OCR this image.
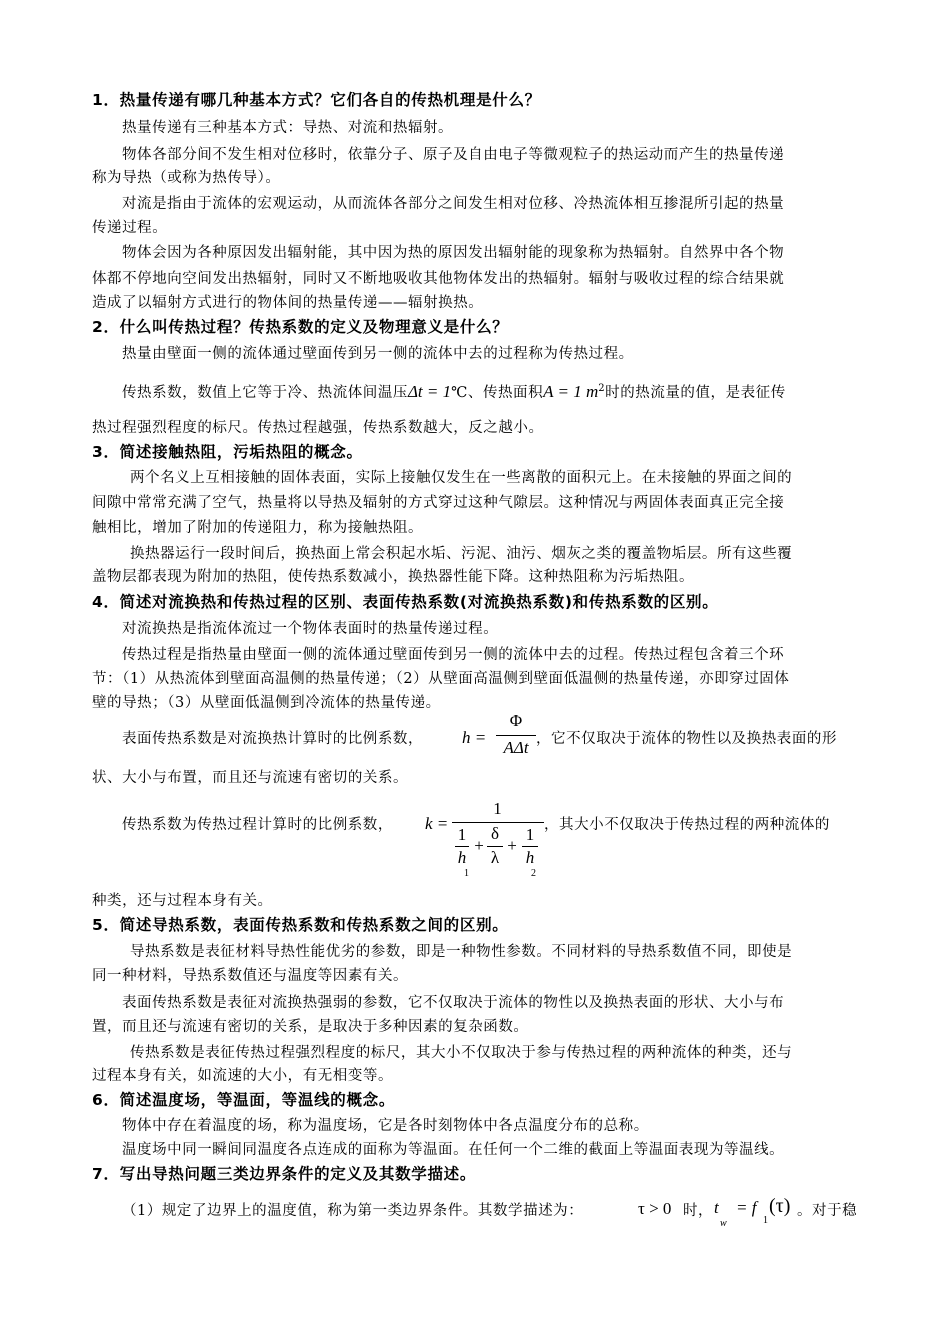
1．热量传递有哪几种基本方式？它们各自的传热机理是什么？
热量传递有三种基本方式：导热、对流和热辐射。
物体各部分间不发生相对位移时，依靠分子、原子及自由电子等微观粒子的热运动而产生的热量传递
称为导热（或称为热传导）。
对流是指由于流体的宏观运动，从而流体各部分之间发生相对位移、冷热流体相互掺混所引起的热量
传递过程。
物体会因为各种原因发出辐射能，其中因为热的原因发出辐射能的现象称为热辐射。自然界中各个物
体都不停地向空间发出热辐射，同时又不断地吸收其他物体发出的热辐射。辐射与吸收过程的综合结果就
造成了以辐射方式进行的物体间的热量传递——辐射换热。
2．什么叫传热过程？传热系数的定义及物理意义是什么？
热量由壁面一侧的流体通过壁面传到另一侧的流体中去的过程称为传热过程。
传热系数，数值上它等于冷、热流体间温压Δt = 1℃、传热面积A = 1 $m^2$时的热流量的值，是表征传
热过程强烈程度的标尺。传热过程越强，传热系数越大，反之越小。
3．简述接触热阻，污垢热阻的概念。
两个名义上互相接触的固体表面，实际上接触仅发生在一些离散的面积元上。在未接触的界面之间的
间隙中常常充满了空气，热量将以导热及辐射的方式穿过这种气隙层。这种情况与两固体表面真正完全接
触相比，增加了附加的传递阻力，称为接触热阻。
换热器运行一段时间后，换热面上常会积起水垢、污泥、油污、烟灰之类的覆盖物垢层。所有这些覆
盖物层都表现为附加的热阻，使传热系数减小，换热器性能下降。这种热阻称为污垢热阻。
4．简述对流换热和传热过程的区别、表面传热系数(对流换热系数)和传热系数的区别。
对流换热是指流体流过一个物体表面时的热量传递过程。
传热过程是指热量由壁面一侧的流体通过壁面传到另一侧的流体中去的过程。传热过程包含着三个环
节：（1）从热流体到壁面高温侧的热量传递；（2）从壁面高温侧到壁面低温侧的热量传递，亦即穿过固体
壁的导热；（3）从壁面低温侧到冷流体的热量传递。
表面传热系数是对流换热计算时的比例系数， h =
Φ
AΔt ，它不仅取决于流体的物性以及换热表面的形
状、大小与布置，而且还与流速有密切的关系。
传热系数为传热过程计算时的比例系数， k =
1
1
h
1
+
δ
λ
+
1
h
2
，其大小不仅取决于传热过程的两种流体的
种类，还与过程本身有关。
5．简述导热系数，表面传热系数和传热系数之间的区别。
导热系数是表征材料导热性能优劣的参数，即是一种物性参数。不同材料的导热系数值不同，即使是
同一种材料，导热系数值还与温度等因素有关。
表面传热系数是表征对流换热强弱的参数，它不仅取决于流体的物性以及换热表面的形状、大小与布
置，而且还与流速有密切的关系，是取决于多种因素的复杂函数。
传热系数是表征传热过程强烈程度的标尺，其大小不仅取决于参与传热过程的两种流体的种类，还与
过程本身有关，如流速的大小，有无相变等。
6．简述温度场，等温面，等温线的概念。
物体中存在着温度的场，称为温度场，它是各时刻物体中各点温度分布的总称。
温度场中同一瞬间同温度各点连成的面称为等温面。在任何一个二维的截面上等温面表现为等温线。
7．写出导热问题三类边界条件的定义及其数学描述。
（1）规定了边界上的温度值，称为第一类边界条件。其数学描述为：	τ > 0 时， t
w
= f
1
(τ) 。对于稳
